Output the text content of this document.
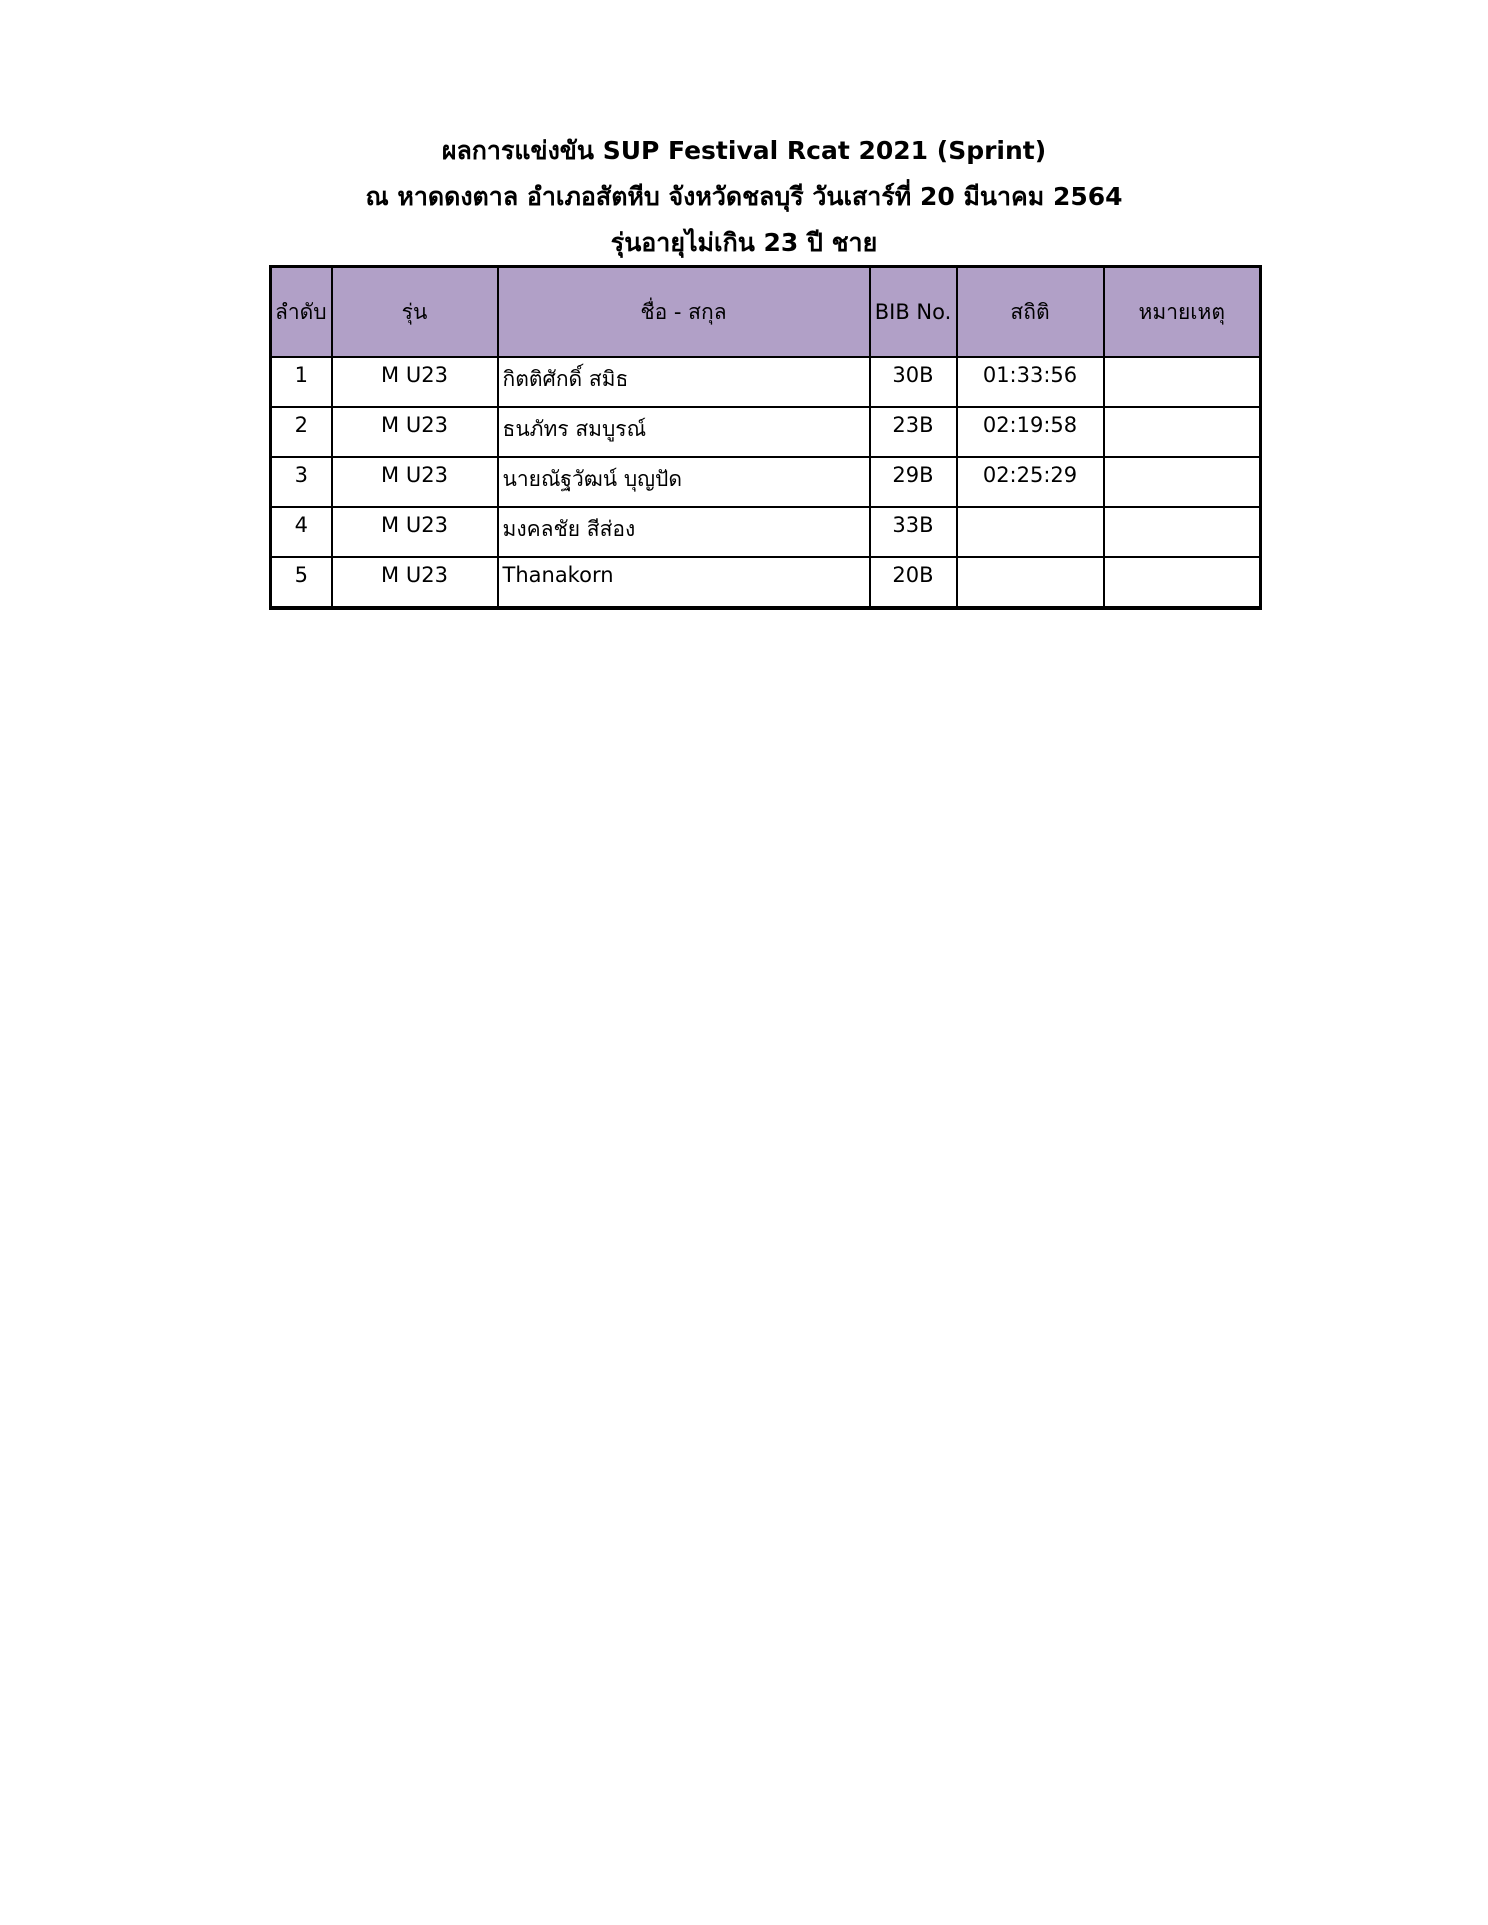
ผลการแข่งขัน SUP Festival Rcat 2021 (Sprint)
ณ หาดดงตาล อำเภอสัตหีบ จังหวัดชลบุรี วันเสาร์ที่ 20 มีนาคม 2564
รุ่นอายุไม่เกิน 23 ปี ชาย
ลำดับ	รุ่น	ชื่อ - สกุล	BIB No.	สถิติ	หมายเหตุ
1	M U23	กิตติศักดิ์ สมิธ	30B	01:33:56	
2	M U23	ธนภัทร สมบูรณ์	23B	02:19:58	
3	M U23	นายณัฐวัฒน์ บุญปัด	29B	02:25:29	
4	M U23	มงคลชัย สีส่อง	33B		
5	M U23	Thanakorn	20B		
